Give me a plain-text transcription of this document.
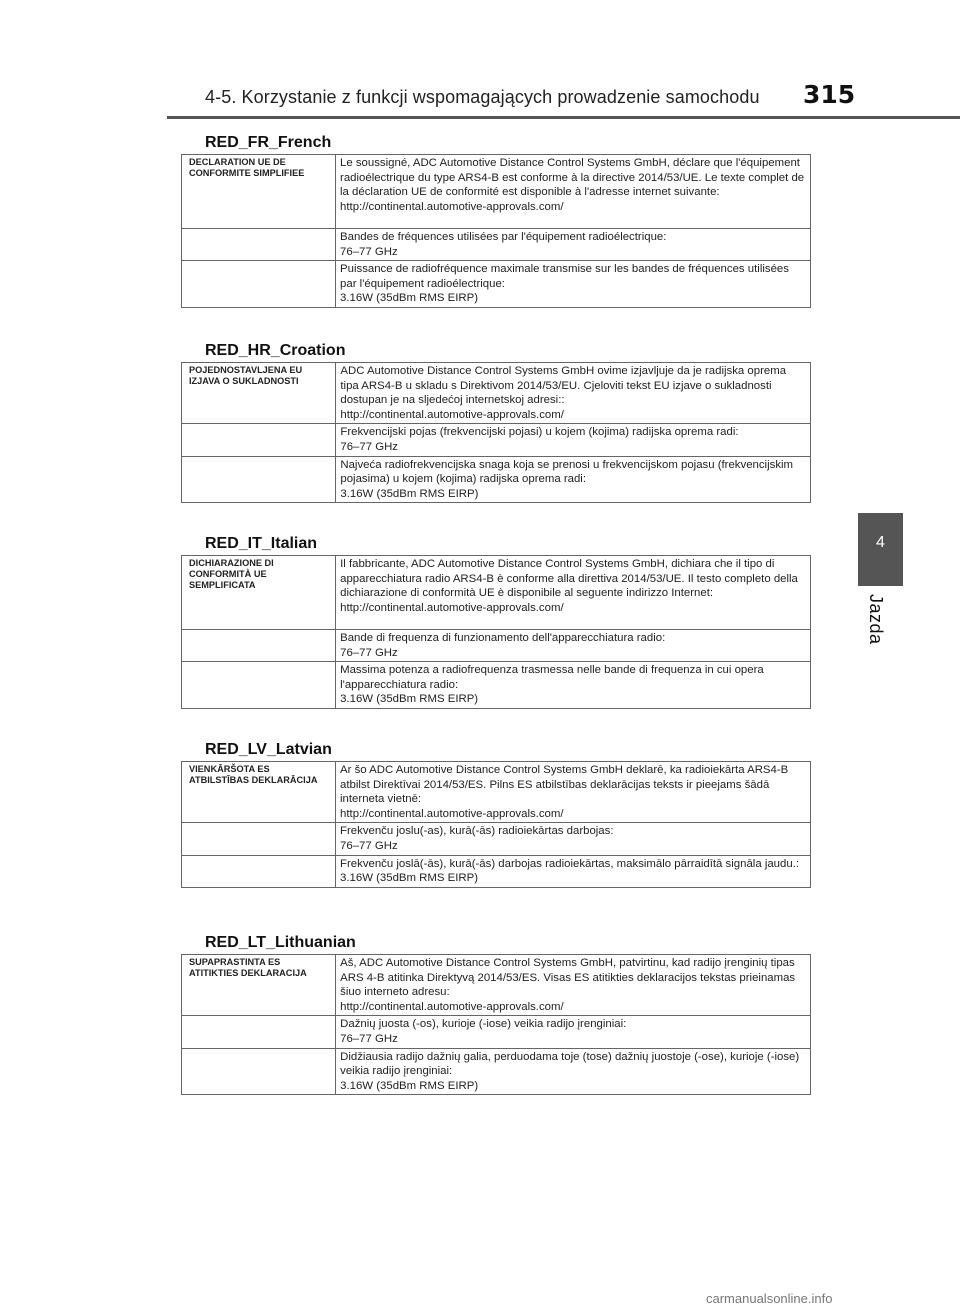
4-5. Korzystanie z funkcji wspomagających prowadzenie samochodu 315
4
Jazda
RED_FR_French
DECLARATION UE DE CONFORMITE SIMPLIFIEE	Le soussigné, ADC Automotive Distance Control Systems GmbH, déclare que l'équipement radioélectrique du type ARS4-B est conforme à la directive 2014/53/UE. Le texte complet de la déclaration UE de conformité est disponible à l'adresse internet suivante:
http://continental.automotive-approvals.com/
	Bandes de fréquences utilisées par l'équipement radioélectrique:
76–77 GHz
	Puissance de radiofréquence maximale transmise sur les bandes de fréquences utilisées par l'équipement radioélectrique:
3.16W (35dBm RMS EIRP)
RED_HR_Croation
POJEDNOSTAVLJENA EU IZJAVA O SUKLADNOSTI	ADC Automotive Distance Control Systems GmbH ovime izjavljuje da je radijska oprema tipa ARS4-B u skladu s Direktivom 2014/53/EU. Cjeloviti tekst EU izjave o sukladnosti dostupan je na sljedećoj internetskoj adresi::
http://continental.automotive-approvals.com/
	Frekvencijski pojas (frekvencijski pojasi) u kojem (kojima) radijska oprema radi:
76–77 GHz
	Najveća radiofrekvencijska snaga koja se prenosi u frekvencijskom pojasu (frekvencijskim pojasima) u kojem (kojima) radijska oprema radi:
3.16W (35dBm RMS EIRP)
RED_IT_Italian
DICHIARAZIONE DI CONFORMITÀ UE SEMPLIFICATA	Il fabbricante, ADC Automotive Distance Control Systems GmbH, dichiara che il tipo di apparecchiatura radio ARS4-B è conforme alla direttiva 2014/53/UE. Il testo completo della dichiarazione di conformità UE è disponibile al seguente indirizzo Internet:
http://continental.automotive-approvals.com/
	Bande di frequenza di funzionamento dell'apparecchiatura radio:
76–77 GHz
	Massima potenza a radiofrequenza trasmessa nelle bande di frequenza in cui opera l'apparecchiatura radio:
3.16W (35dBm RMS EIRP)
RED_LV_Latvian
VIENKĀRŠOTA ES ATBILSTĪBAS DEKLARĀCIJA	Ar šo ADC Automotive Distance Control Systems GmbH deklarē, ka radioiekārta ARS4-B atbilst Direktīvai 2014/53/ES. Pilns ES atbilstības deklarācijas teksts ir pieejams šādā interneta vietnē:
http://continental.automotive-approvals.com/
	Frekvenču joslu(-as), kurā(-ās) radioiekārtas darbojas:
76–77 GHz
	Frekvenču joslā(-ās), kurā(-ās) darbojas radioiekārtas, maksimālo pārraidītā signāla jaudu.:
3.16W (35dBm RMS EIRP)
RED_LT_Lithuanian
SUPAPRASTINTA ES ATITIKTIES DEKLARACIJA	Aš, ADC Automotive Distance Control Systems GmbH, patvirtinu, kad radijo įrenginių tipas ARS 4-B atitinka Direktyvą 2014/53/ES. Visas ES atitikties deklaracijos tekstas prieinamas šiuo interneto adresu:
http://continental.automotive-approvals.com/
	Dažnių juosta (-os), kurioje (-iose) veikia radijo įrenginiai:
76–77 GHz
	Didžiausia radijo dažnių galia, perduodama toje (tose) dažnių juostoje (-ose), kurioje (-iose) veikia radijo įrenginiai:
3.16W (35dBm RMS EIRP)
carmanualsonline.info
